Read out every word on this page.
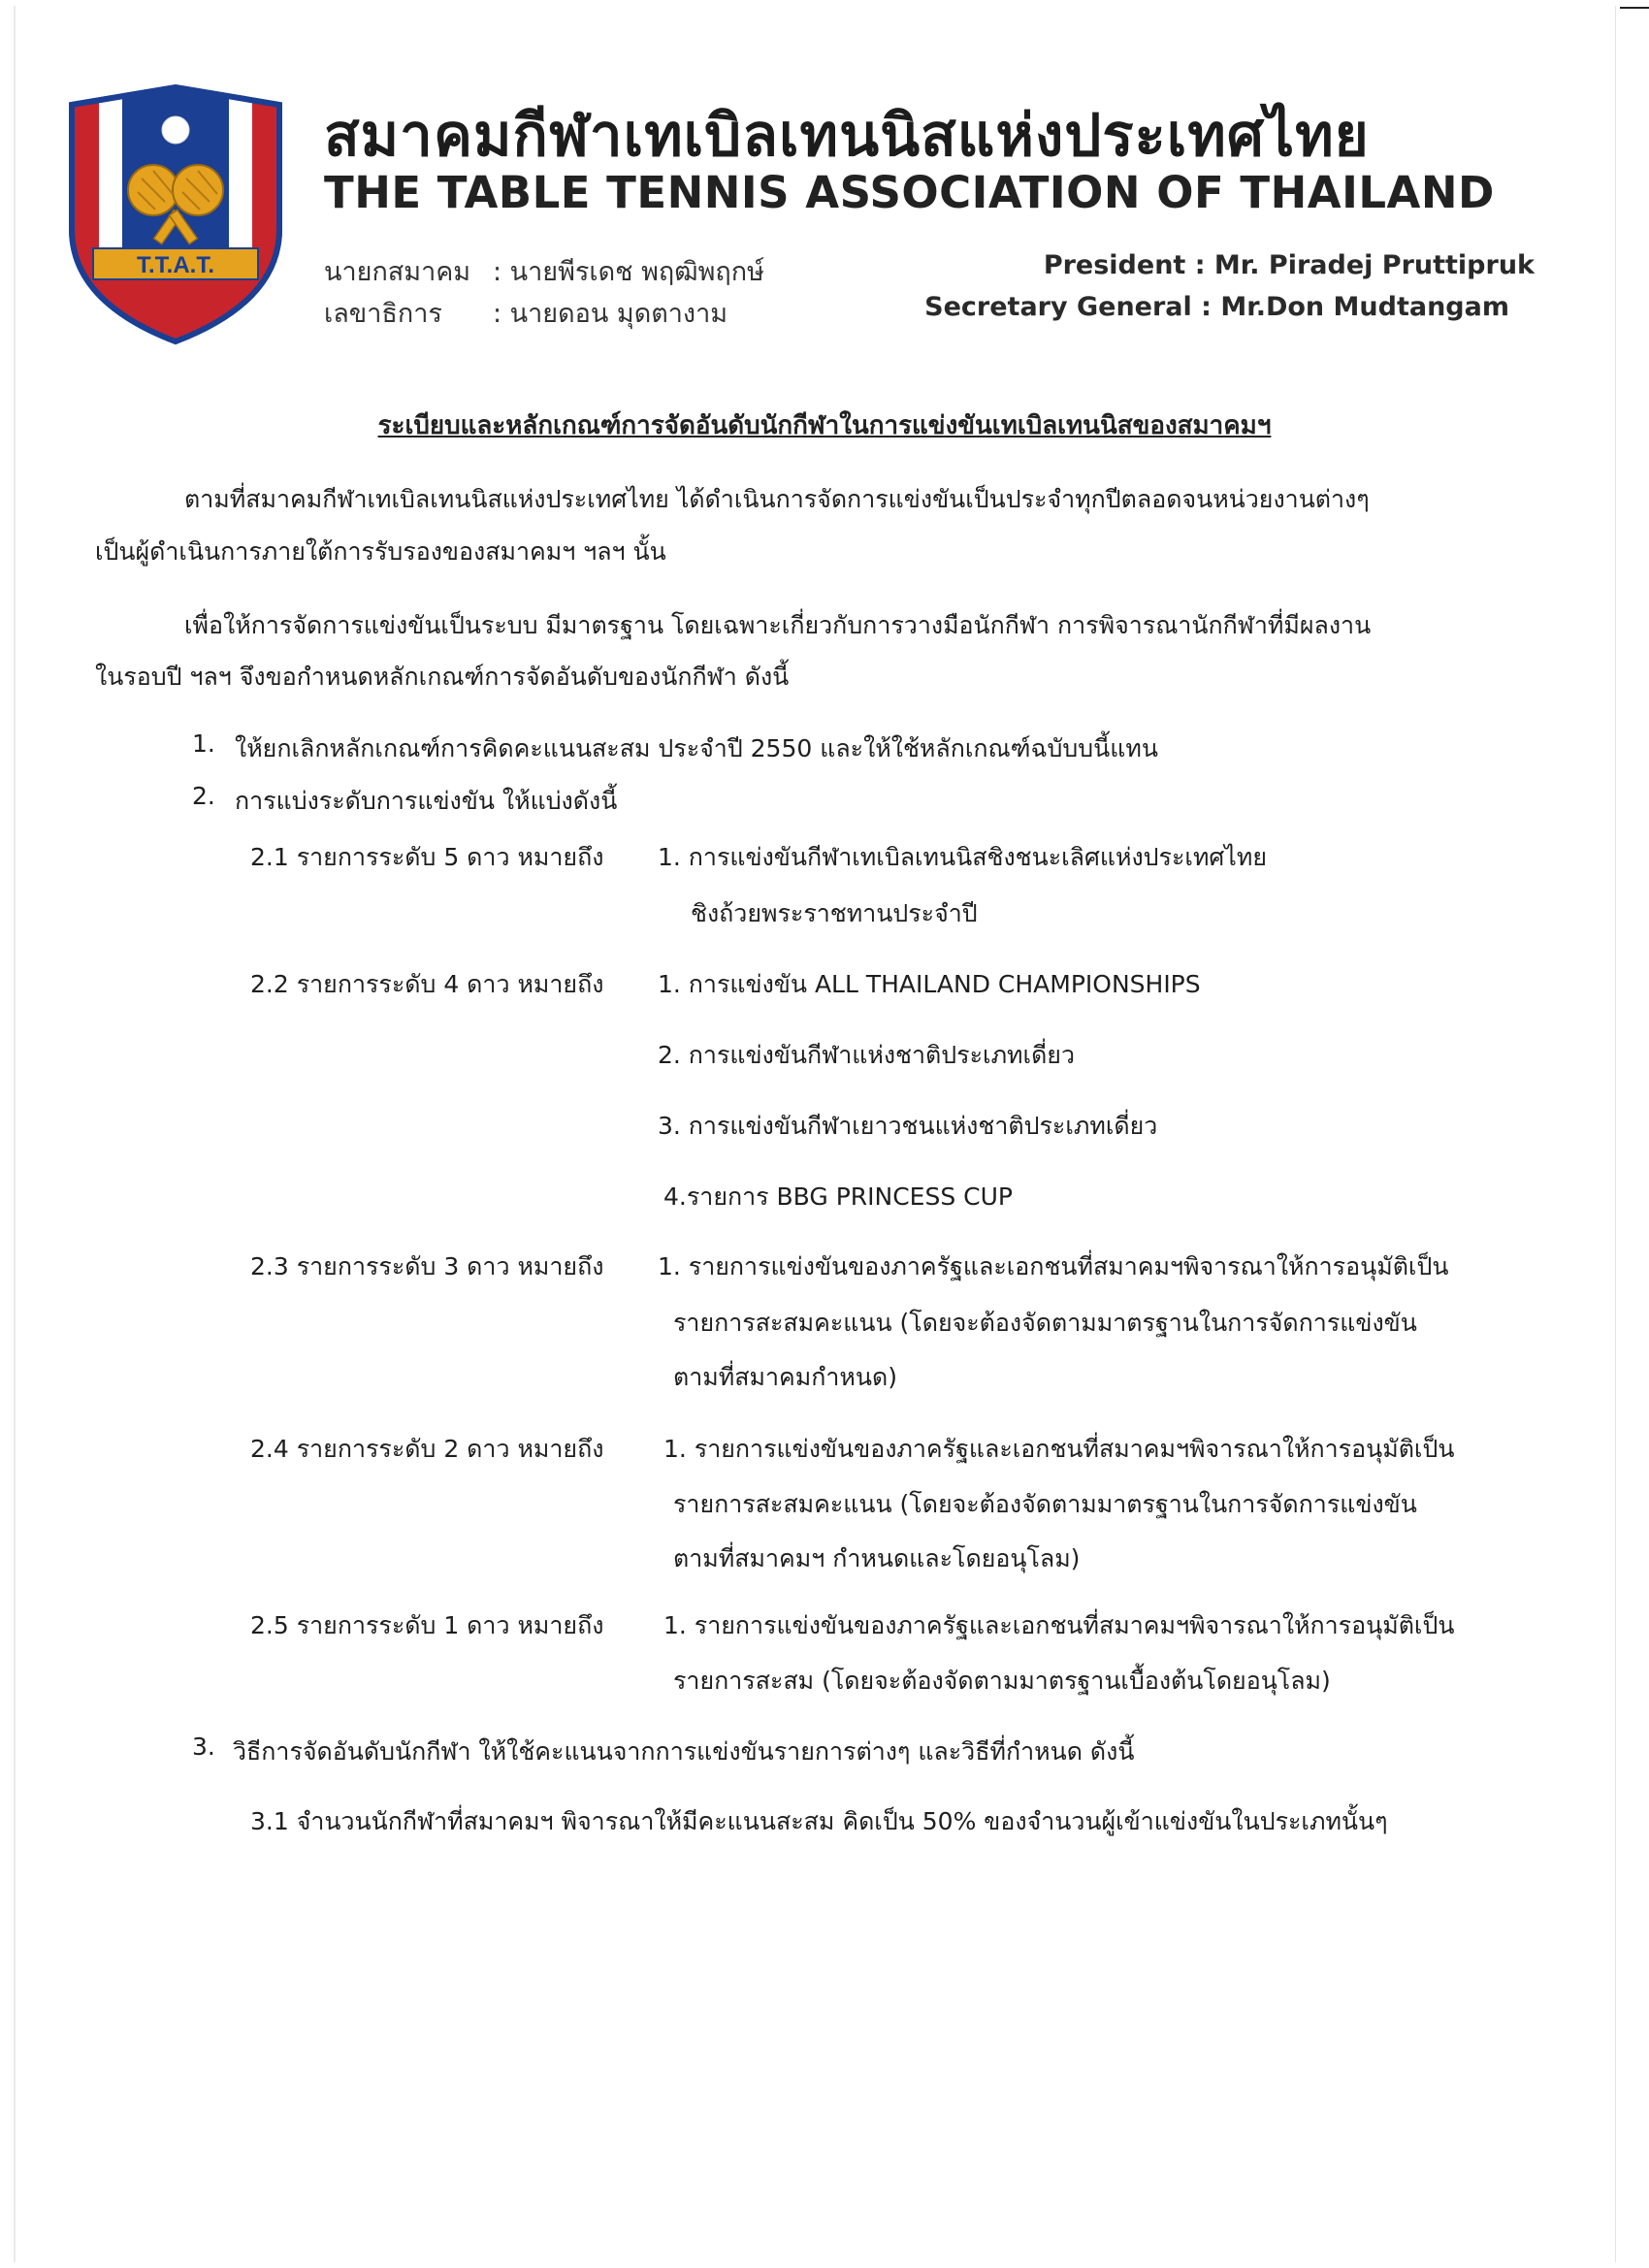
T.T.A.T.
สมาคมกีฬาเทเบิลเทนนิสแห่งประเทศไทย
THE TABLE TENNIS ASSOCIATION OF THAILAND
นายกสมาคม : นายพีรเดช พฤฒิพฤกษ์
เลขาธิการ : นายดอน มุดตางาม
President : Mr. Piradej Pruttipruk
Secretary General : Mr.Don Mudtangam
ระเบียบและหลักเกณฑ์การจัดอันดับนักกีฬาในการแข่งขันเทเบิลเทนนิสของสมาคมฯ
ตามที่สมาคมกีฬาเทเบิลเทนนิสแห่งประเทศไทย ได้ดำเนินการจัดการแข่งขันเป็นประจำทุกปีตลอดจนหน่วยงานต่างๆ
เป็นผู้ดำเนินการภายใต้การรับรองของสมาคมฯ ฯลฯ นั้น
เพื่อให้การจัดการแข่งขันเป็นระบบ มีมาตรฐาน โดยเฉพาะเกี่ยวกับการวางมือนักกีฬา การพิจารณานักกีฬาที่มีผลงาน
ในรอบปี ฯลฯ จึงขอกำหนดหลักเกณฑ์การจัดอันดับของนักกีฬา ดังนี้
1. ให้ยกเลิกหลักเกณฑ์การคิดคะแนนสะสม ประจำปี 2550 และให้ใช้หลักเกณฑ์ฉบับบนี้แทน
2. การแบ่งระดับการแข่งขัน ให้แบ่งดังนี้
2.1 รายการระดับ 5 ดาว หมายถึง 1. การแข่งขันกีฬาเทเบิลเทนนิสชิงชนะเลิศแห่งประเทศไทย
ชิงถ้วยพระราชทานประจำปี
2.2 รายการระดับ 4 ดาว หมายถึง 1. การแข่งขัน ALL THAILAND CHAMPIONSHIPS
2. การแข่งขันกีฬาแห่งชาติประเภทเดี่ยว
3. การแข่งขันกีฬาเยาวชนแห่งชาติประเภทเดี่ยว
4.รายการ BBG PRINCESS CUP
2.3 รายการระดับ 3 ดาว หมายถึง 1. รายการแข่งขันของภาครัฐและเอกชนที่สมาคมฯพิจารณาให้การอนุมัติเป็น
รายการสะสมคะแนน (โดยจะต้องจัดตามมาตรฐานในการจัดการแข่งขัน
ตามที่สมาคมกำหนด)
2.4 รายการระดับ 2 ดาว หมายถึง 1. รายการแข่งขันของภาครัฐและเอกชนที่สมาคมฯพิจารณาให้การอนุมัติเป็น
รายการสะสมคะแนน (โดยจะต้องจัดตามมาตรฐานในการจัดการแข่งขัน
ตามที่สมาคมฯ กำหนดและโดยอนุโลม)
2.5 รายการระดับ 1 ดาว หมายถึง 1. รายการแข่งขันของภาครัฐและเอกชนที่สมาคมฯพิจารณาให้การอนุมัติเป็น
รายการสะสม (โดยจะต้องจัดตามมาตรฐานเบื้องต้นโดยอนุโลม)
3. วิธีการจัดอันดับนักกีฬา ให้ใช้คะแนนจากการแข่งขันรายการต่างๆ และวิธีที่กำหนด ดังนี้
3.1 จำนวนนักกีฬาที่สมาคมฯ พิจารณาให้มีคะแนนสะสม คิดเป็น 50% ของจำนวนผู้เข้าแข่งขันในประเภทนั้นๆ
